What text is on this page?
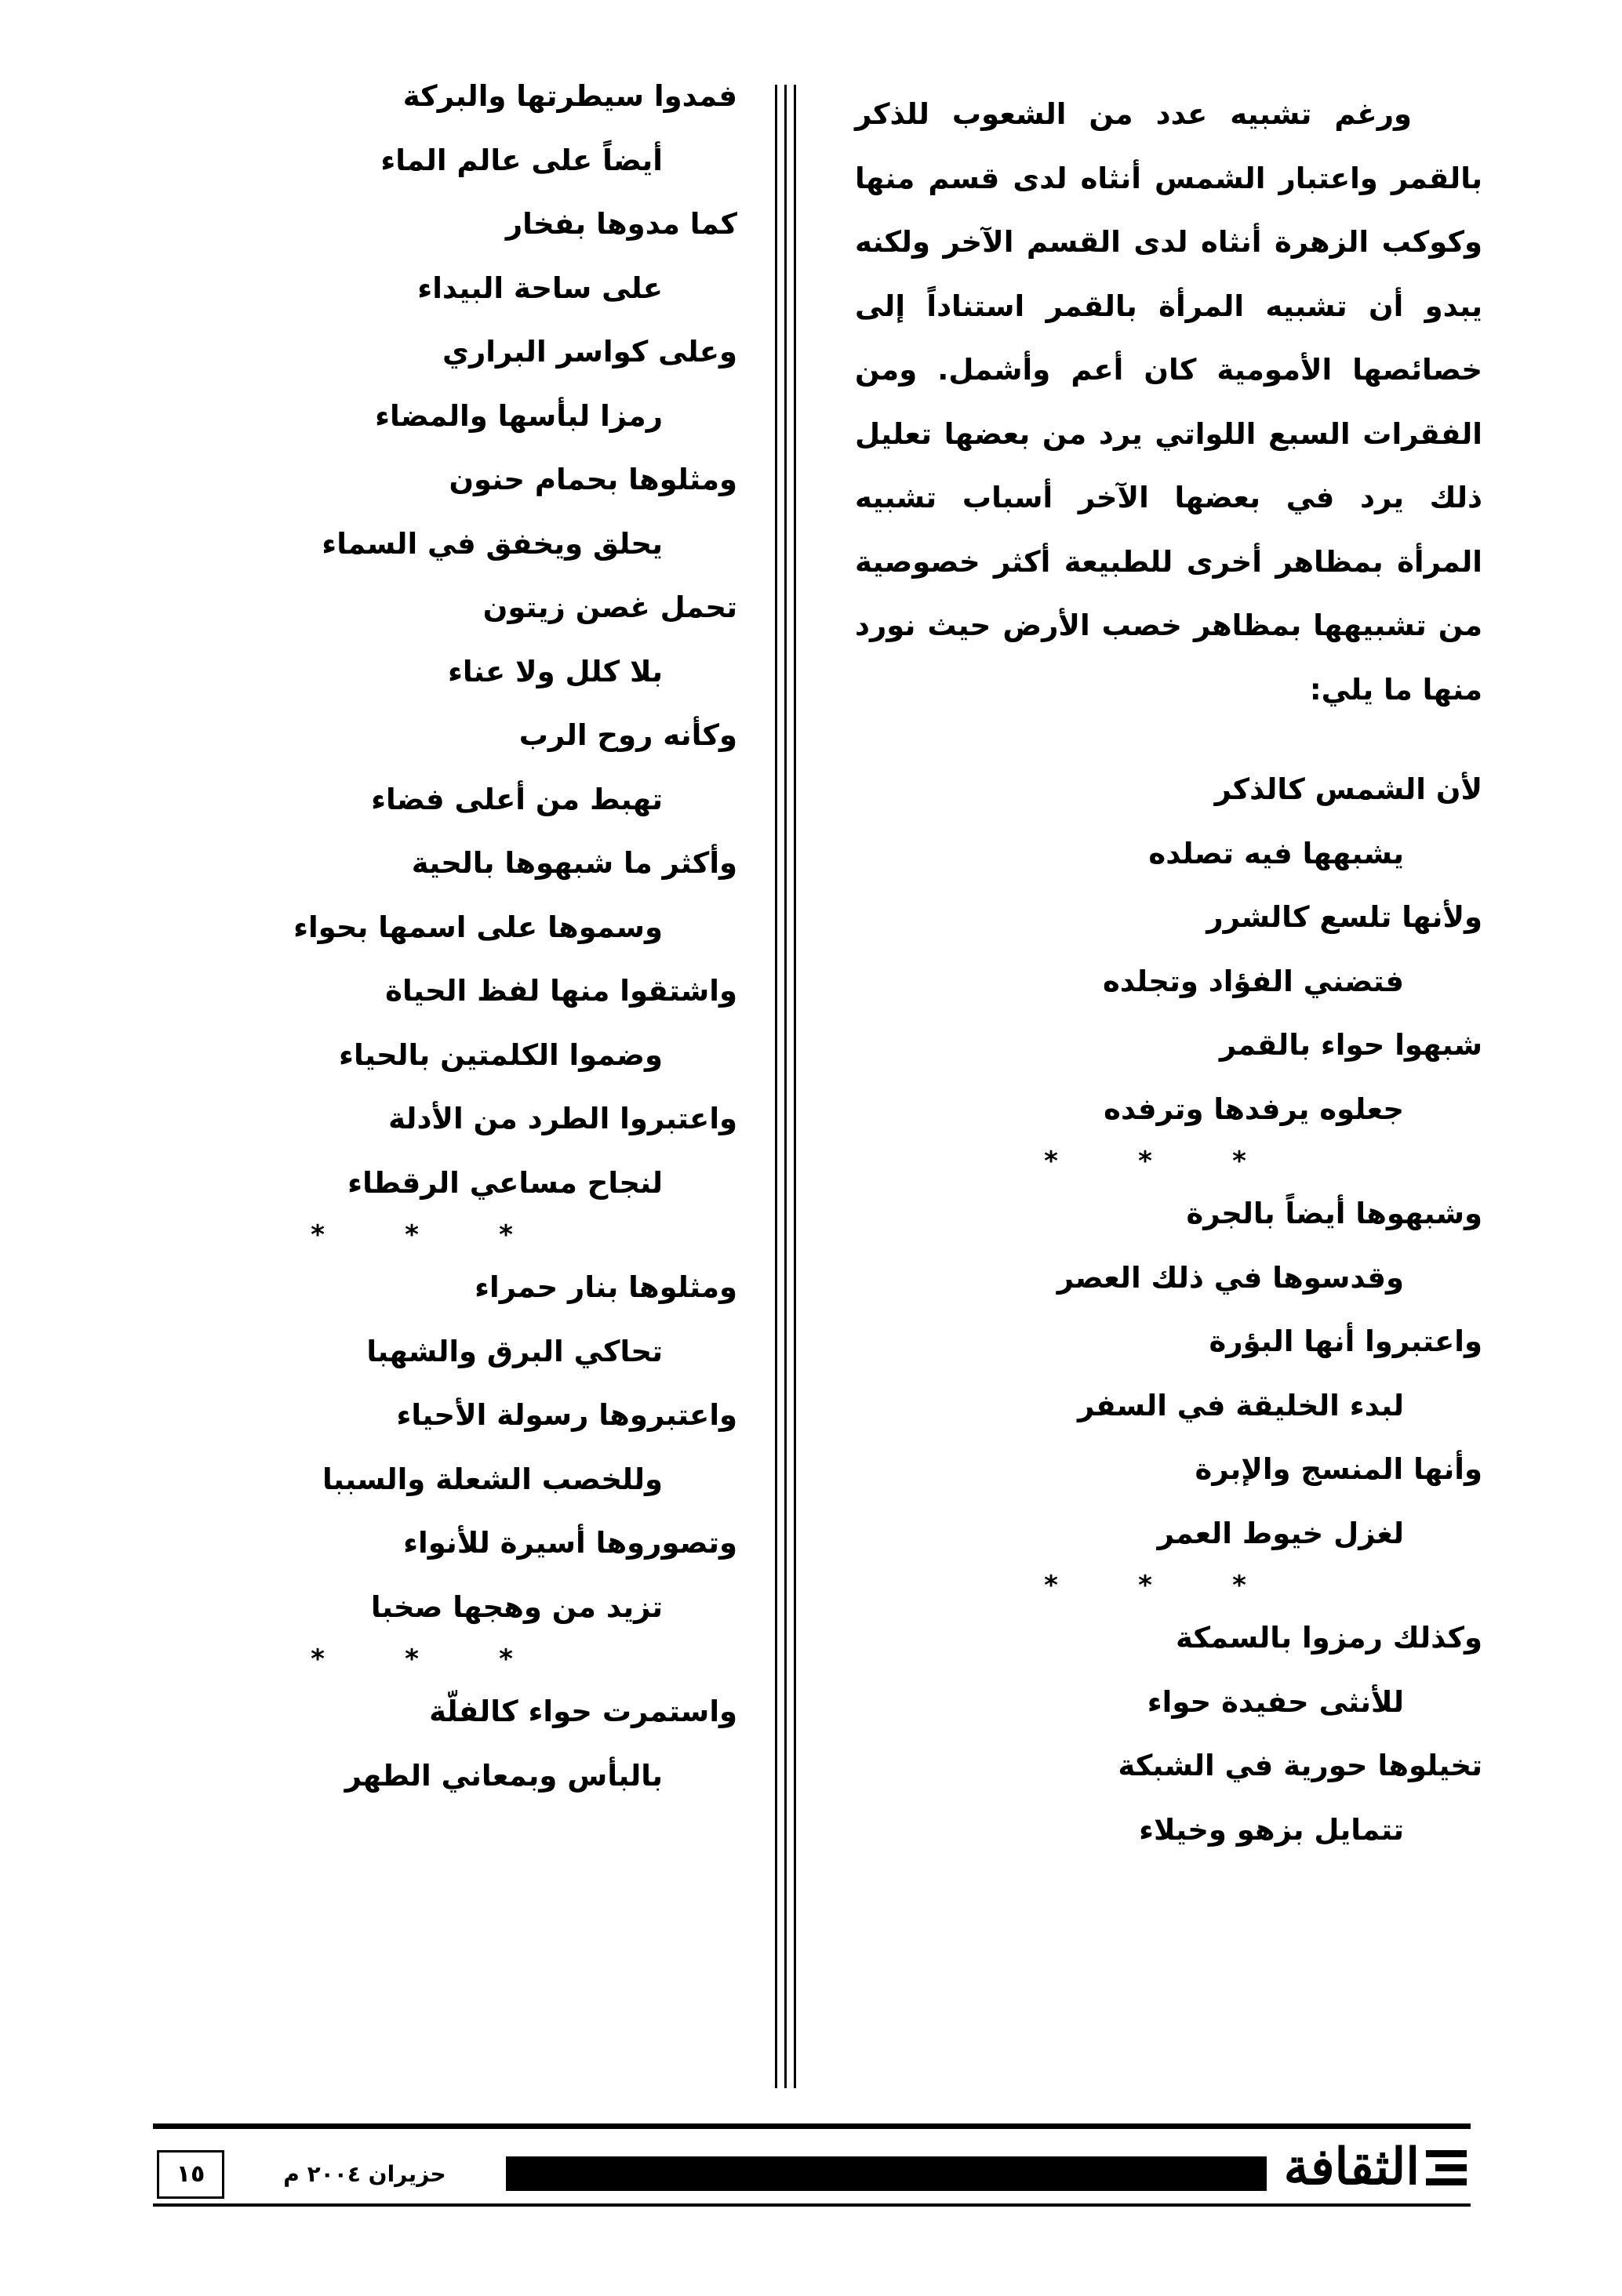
ورغم تشبيه عدد من الشعوب للذكر بالقمر واعتبار الشمس أنثاه لدى قسم منها وكوكب الزهرة أنثاه لدى القسم الآخر ولكنه يبدو أن تشبيه المرأة بالقمر استناداً إلى خصائصها الأمومية كان أعم وأشمل. ومن الفقرات السبع اللواتي يرد من بعضها تعليل ذلك يرد في بعضها الآخر أسباب تشبيه المرأة بمظاهر أخرى للطبيعة أكثر خصوصية من تشبيهها بمظاهر خصب الأرض حيث نورد منها ما يلي:

لأن الشمس كالذكر
يشبهها فيه تصلده
ولأنها تلسع كالشرر
فتضني الفؤاد وتجلده
شبهوا حواء بالقمر
جعلوه يرفدها وترفده
***
وشبهوها أيضاً بالجرة
وقدسوها في ذلك العصر
واعتبروا أنها البؤرة
لبدء الخليقة في السفر
وأنها المنسج والإبرة
لغزل خيوط العمر
***
وكذلك رمزوا بالسمكة
للأنثى حفيدة حواء
تخيلوها حورية في الشبكة
تتمايل بزهو وخيلاء
فمدوا سيطرتها والبركة
أيضاً على عالم الماء
كما مدوها بفخار
على ساحة البيداء
وعلى كواسر البراري
رمزا لبأسها والمضاء
ومثلوها بحمام حنون
يحلق ويخفق في السماء
تحمل غصن زيتون
بلا كلل ولا عناء
وكأنه روح الرب
تهبط من أعلى فضاء
وأكثر ما شبهوها بالحية
وسموها على اسمها بحواء
واشتقوا منها لفظ الحياة
وضموا الكلمتين بالحياء
واعتبروا الطرد من الأدلة
لنجاح مساعي الرقطاء
***
ومثلوها بنار حمراء
تحاكي البرق والشهبا
واعتبروها رسولة الأحياء
وللخصب الشعلة والسببا
وتصوروها أسيرة للأنواء
تزيد من وهجها صخبا
***
واستمرت حواء كالفلّة
بالبأس وبمعاني الطهر
الثقافة
حزيران ٢٠٠٤ م
١٥
